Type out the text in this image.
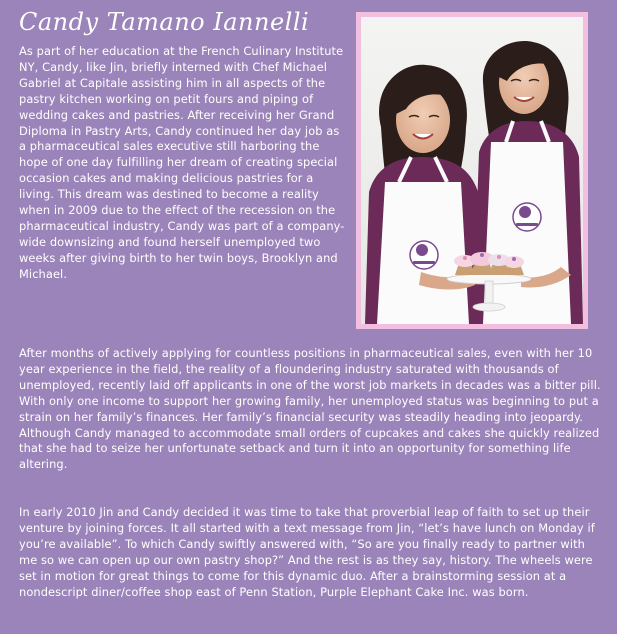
Candy Tamano Iannelli
As part of her education at the French Culinary Institute NY, Candy, like Jin, briefly interned with Chef Michael Gabriel at Capitale assisting him in all aspects of the pastry kitchen working on petit fours and piping of wedding cakes and pastries. After receiving her Grand Diploma in Pastry Arts, Candy continued her day job as a pharmaceutical sales executive still harboring the hope of one day fulfilling her dream of creating special occasion cakes and making delicious pastries for a living. This dream was destined to become a reality when in 2009 due to the effect of the recession on the pharmaceutical industry, Candy was part of a company-wide downsizing and found herself unemployed two weeks after giving birth to her twin boys, Brooklyn and Michael.
After months of actively applying for countless positions in pharmaceutical sales, even with her 10 year experience in the field, the reality of a floundering industry saturated with thousands of unemployed, recently laid off applicants in one of the worst job markets in decades was a bitter pill. With only one income to support her growing family, her unemployed status was beginning to put a strain on her family’s finances. Her family’s financial security was steadily heading into jeopardy. Although Candy managed to accommodate small orders of cupcakes and cakes she quickly realized that she had to seize her unfortunate setback and turn it into an opportunity for something life altering.
In early 2010 Jin and Candy decided it was time to take that proverbial leap of faith to set up their venture by joining forces. It all started with a text message from Jin, “let’s have lunch on Monday if you’re available”. To which Candy swiftly answered with, “So are you finally ready to partner with me so we can open up our own pastry shop?” And the rest is as they say, history. The wheels were set in motion for great things to come for this dynamic duo. After a brainstorming session at a nondescript diner/coffee shop east of Penn Station, Purple Elephant Cake Inc. was born.
